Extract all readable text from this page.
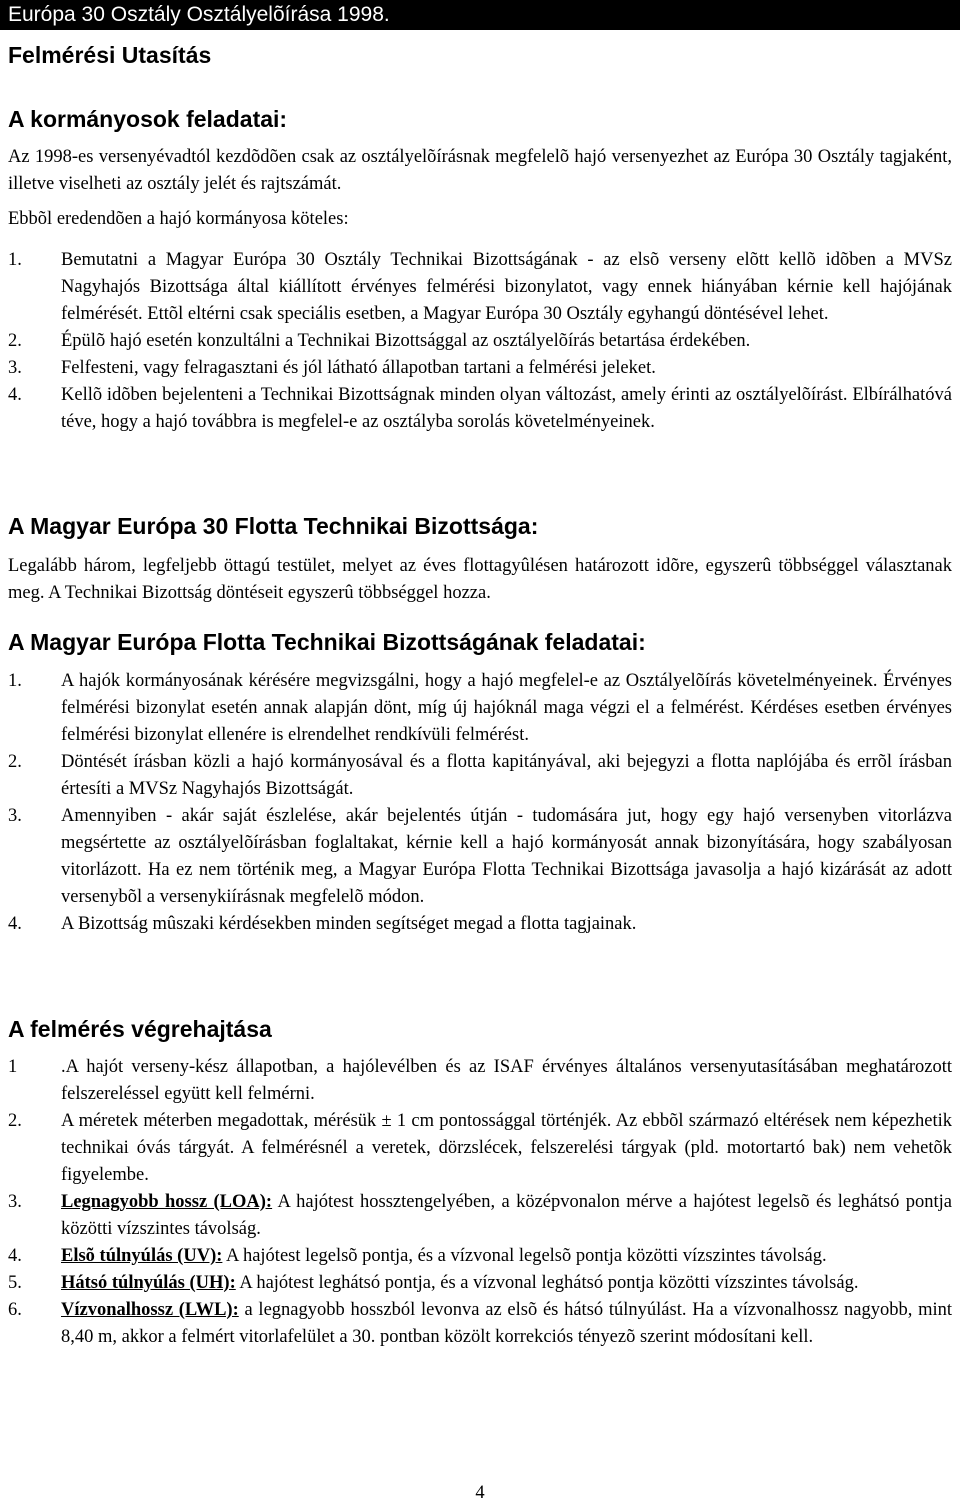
Európa 30 Osztály Osztályelõírása 1998.
Felmérési Utasítás
A kormányosok feladatai:

Az 1998-es versenyévadtól kezdõdõen csak az osztályelõírásnak megfelelõ hajó versenyezhet az Európa 30 Osztály tagjaként, illetve viselheti az osztály jelét és rajtszámát.

Ebbõl eredendõen a hajó kormányosa köteles:

1. Bemutatni a Magyar Európa 30 Osztály Technikai Bizottságának - az elsõ verseny elõtt kellõ idõben a MVSz Nagyhajós Bizottsága által kiállított érvényes felmérési bizonylatot, vagy ennek hiányában kérnie kell hajójának felmérését. Ettõl eltérni csak speciális esetben, a Magyar Európa 30 Osztály egyhangú döntésével lehet.
2. Épülõ hajó esetén konzultálni a Technikai Bizottsággal az osztályelõírás betartása érdekében.
3. Felfesteni, vagy felragasztani és jól látható állapotban tartani a felmérési jeleket.
4. Kellõ idõben bejelenteni a Technikai Bizottságnak minden olyan változást, amely érinti az osztályelõírást. Elbírálhatóvá téve, hogy a hajó továbbra is megfelel-e az osztályba sorolás követelményeinek.
A Magyar Európa 30 Flotta Technikai Bizottsága:

Legalább három, legfeljebb öttagú testület, melyet az éves flottagyûlésen határozott idõre, egyszerû többséggel választanak meg. A Technikai Bizottság döntéseit egyszerû többséggel hozza.

A Magyar Európa Flotta Technikai Bizottságának feladatai:
1. A hajók kormányosának kérésére megvizsgálni, hogy a hajó megfelel-e az Osztályelõírás követelményeinek. Érvényes felmérési bizonylat esetén annak alapján dönt, míg új hajóknál maga végzi el a felmérést. Kérdéses esetben érvényes felmérési bizonylat ellenére is elrendelhet rendkívüli felmérést.
2. Döntését írásban közli a hajó kormányosával és a flotta kapitányával, aki bejegyzi a flotta naplójába és errõl írásban értesíti a MVSz Nagyhajós Bizottságát.
3. Amennyiben - akár saját észlelése, akár bejelentés útján - tudomására jut, hogy egy hajó versenyben vitorlázva megsértette az osztályelõírásban foglaltakat, kérnie kell a hajó kormányosát annak bizonyítására, hogy szabályosan vitorlázott. Ha ez nem történik meg, a Magyar Európa Flotta Technikai Bizottsága javasolja a hajó kizárását az adott versenybõl a versenykiírásnak megfelelõ módon.
4. A Bizottság mûszaki kérdésekben minden segítséget megad a flotta tagjainak.
A felmérés végrehajtása
1 .A hajót verseny-kész állapotban, a hajólevélben és az ISAF érvényes általános versenyutasításában meghatározott felszereléssel együtt kell felmérni.
2. A méretek méterben megadottak, mérésük ± 1 cm pontossággal történjék. Az ebbõl származó eltérések nem képezhetik technikai óvás tárgyát. A felmérésnél a veretek, dörzslécek, felszerelési tárgyak (pld. motortartó bak) nem vehetõk figyelembe.
3. Legnagyobb hossz (LOA): A hajótest hossztengelyében, a középvonalon mérve a hajótest legelsõ és leghátsó pontja közötti vízszintes távolság.
4. Elsõ túlnyúlás (UV): A hajótest legelsõ pontja, és a vízvonal legelsõ pontja közötti vízszintes távolság.
5. Hátsó túlnyúlás (UH): A hajótest leghátsó pontja, és a vízvonal leghátsó pontja közötti vízszintes távolság.
6. Vízvonalhossz (LWL): a legnagyobb hosszból levonva az elsõ és hátsó túlnyúlást. Ha a vízvonalhossz nagyobb, mint 8,40 m, akkor a felmért vitorlafelület a 30. pontban közölt korrekciós tényezõ szerint módosítani kell.
4
